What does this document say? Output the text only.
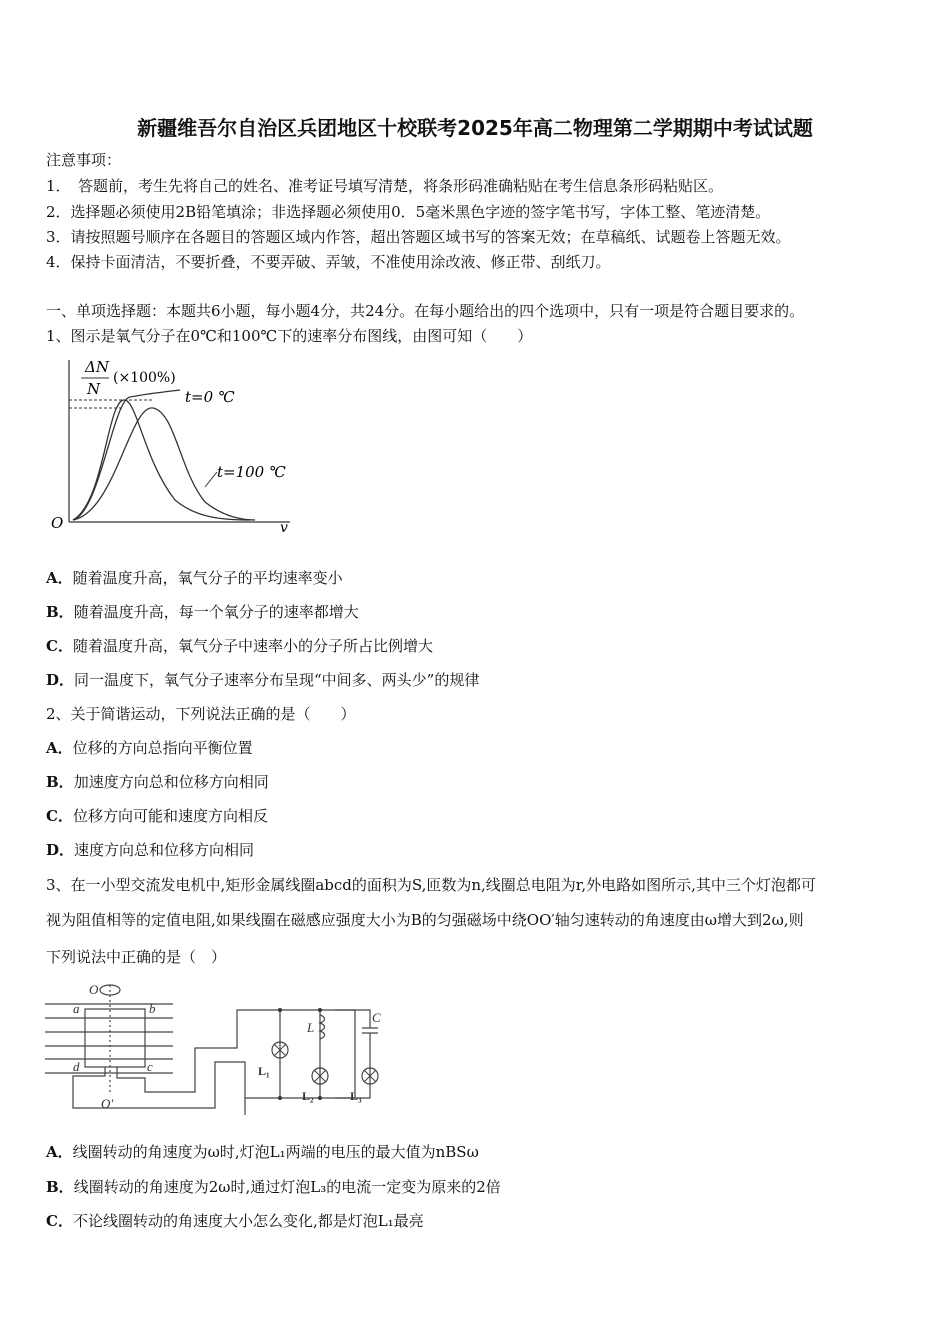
新疆维吾尔自治区兵团地区十校联考2025年高二物理第二学期期中考试试题
注意事项：
1．　答题前，考生先将自己的姓名、准考证号填写清楚，将条形码准确粘贴在考生信息条形码粘贴区。
2．选择题必须使用2B铅笔填涂；非选择题必须使用0．5毫米黑色字迹的签字笔书写，字体工整、笔迹清楚。
3．请按照题号顺序在各题目的答题区域内作答，超出答题区域书写的答案无效；在草稿纸、试题卷上答题无效。
4．保持卡面清洁，不要折叠，不要弄破、弄皱，不准使用涂改液、修正带、刮纸刀。
一、单项选择题：本题共6小题，每小题4分，共24分。在每小题给出的四个选项中，只有一项是符合题目要求的。
1、图示是氧气分子在0℃和100℃下的速率分布图线，由图可知（　　）
ΔN
N
(×100%)
t=0 ℃
t=100 ℃
O	v
A．随着温度升高，氧气分子的平均速率变小
B．随着温度升高，每一个氧分子的速率都增大
C．随着温度升高，氧气分子中速率小的分子所占比例增大
D．同一温度下，氧气分子速率分布呈现“中间多、两头少”的规律
2、关于简谐运动，下列说法正确的是（　　）
A．位移的方向总指向平衡位置
B．加速度方向总和位移方向相同
C．位移方向可能和速度方向相反
D．速度方向总和位移方向相同
3、在一小型交流发电机中,矩形金属线圈abcd的面积为S,匝数为n,线圈总电阻为r,外电路如图所示,其中三个灯泡都可
视为阻值相等的定值电阻,如果线圈在磁感应强度大小为B的匀强磁场中绕OO′轴匀速转动的角速度由ω增大到2ω,则
下列说法中正确的是（　）
O
O′
a	b
c
d
L
C
L₁
L₂	L₃
A．线圈转动的角速度为ω时,灯泡L₁两端的电压的最大值为nBSω
B．线圈转动的角速度为2ω时,通过灯泡L₃的电流一定变为原来的2倍
C．不论线圈转动的角速度大小怎么变化,都是灯泡L₁最亮
